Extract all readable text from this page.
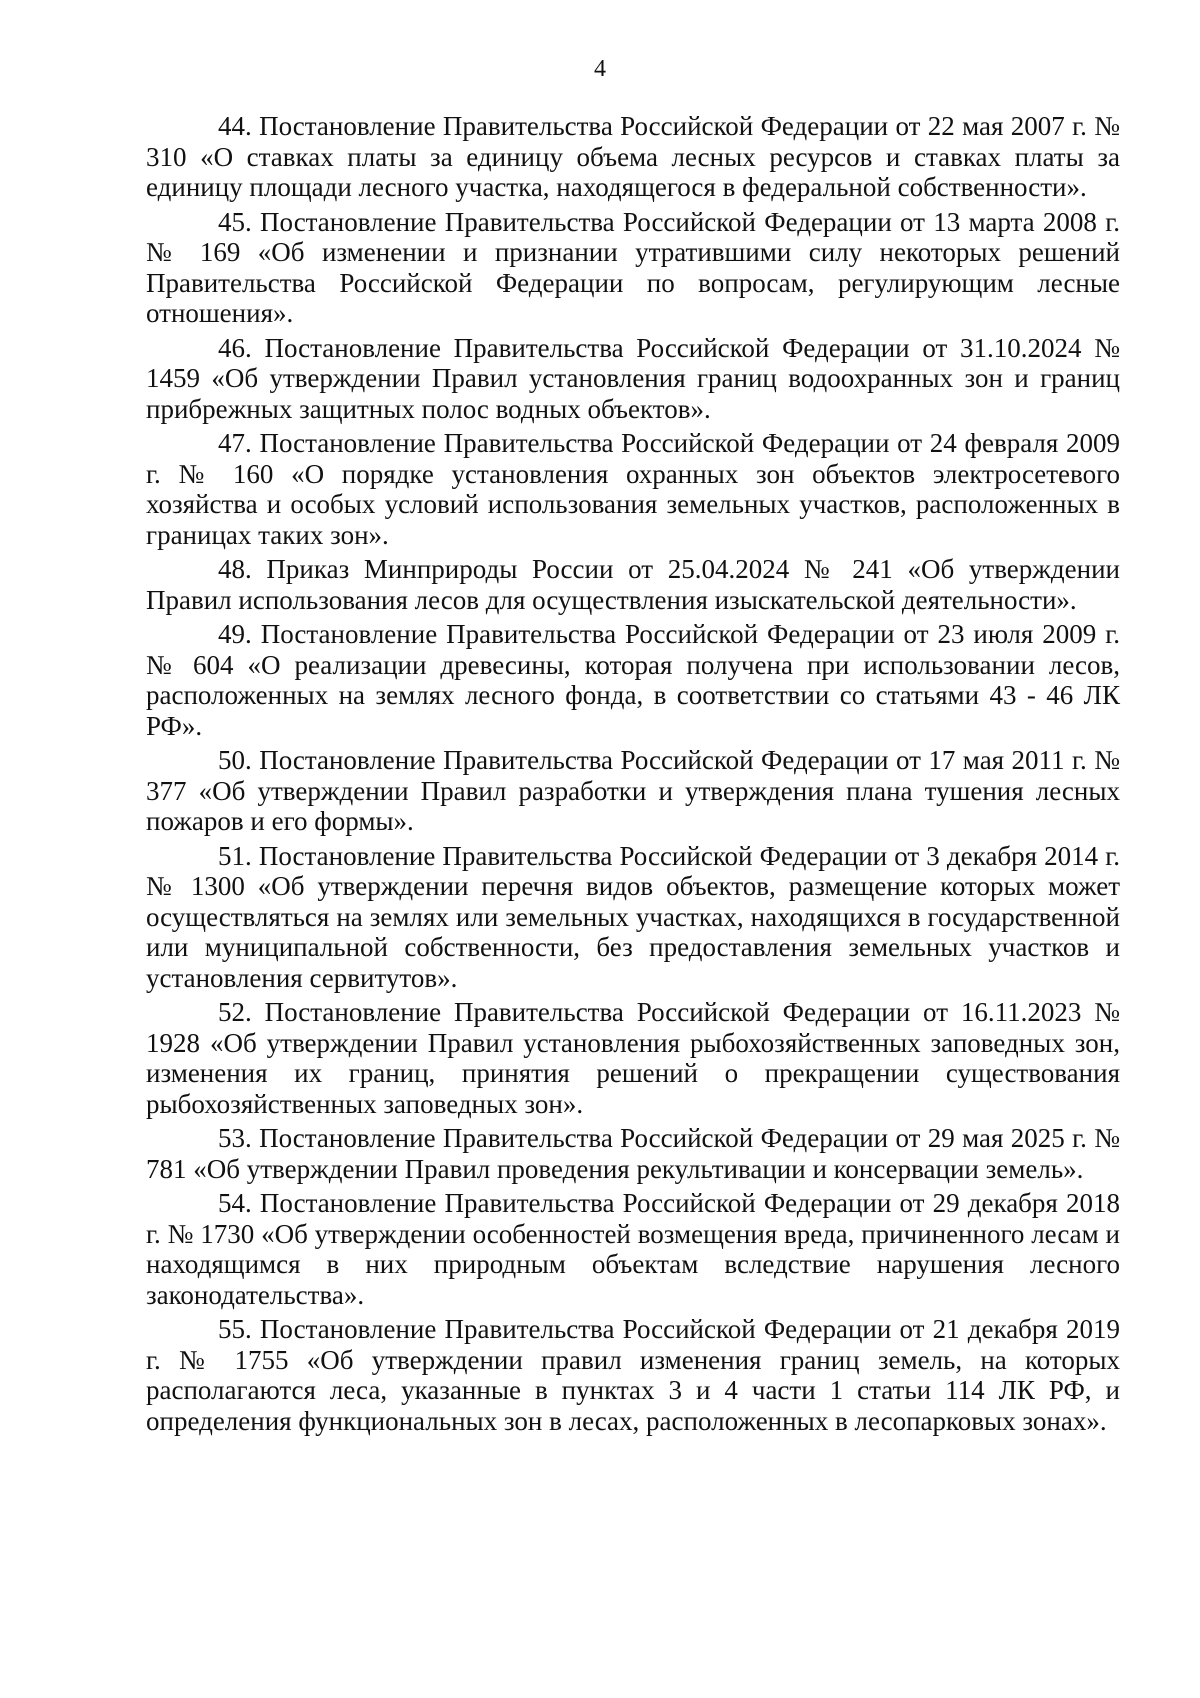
4

44. Постановление Правительства Российской Федерации от 22 мая 2007 г. № 310 «О ставках платы за единицу объема лесных ресурсов и ставках платы за единицу площади лесного участка, находящегося в федеральной собственности».

45. Постановление Правительства Российской Федерации от 13 марта 2008 г. № 169 «Об изменении и признании утратившими силу некоторых решений Правительства Российской Федерации по вопросам, регулирующим лесные отношения».

46. Постановление Правительства Российской Федерации от 31.10.2024 № 1459 «Об утверждении Правил установления границ водоохранных зон и границ прибрежных защитных полос водных объектов».

47. Постановление Правительства Российской Федерации от 24 февраля 2009 г. № 160 «О порядке установления охранных зон объектов электросетевого хозяйства и особых условий использования земельных участков, расположенных в границах таких зон».

48. Приказ Минприроды России от 25.04.2024 № 241 «Об утверждении Правил использования лесов для осуществления изыскательской деятельности».

49. Постановление Правительства Российской Федерации от 23 июля 2009 г. № 604 «О реализации древесины, которая получена при использовании лесов, расположенных на землях лесного фонда, в соответствии со статьями 43 - 46 ЛК РФ».

50. Постановление Правительства Российской Федерации от 17 мая 2011 г. № 377 «Об утверждении Правил разработки и утверждения плана тушения лесных пожаров и его формы».

51. Постановление Правительства Российской Федерации от 3 декабря 2014 г. № 1300 «Об утверждении перечня видов объектов, размещение которых может осуществляться на землях или земельных участках, находящихся в государственной или муниципальной собственности, без предоставления земельных участков и установления сервитутов».

52. Постановление Правительства Российской Федерации от 16.11.2023 № 1928 «Об утверждении Правил установления рыбохозяйственных заповедных зон, изменения их границ, принятия решений о прекращении существования рыбохозяйственных заповедных зон».

53. Постановление Правительства Российской Федерации от 29 мая 2025 г. № 781 «Об утверждении Правил проведения рекультивации и консервации земель».

54. Постановление Правительства Российской Федерации от 29 декабря 2018 г. № 1730 «Об утверждении особенностей возмещения вреда, причиненного лесам и находящимся в них природным объектам вследствие нарушения лесного законодательства».

55. Постановление Правительства Российской Федерации от 21 декабря 2019 г. № 1755 «Об утверждении правил изменения границ земель, на которых располагаются леса, указанные в пунктах 3 и 4 части 1 статьи 114 ЛК РФ, и определения функциональных зон в лесах, расположенных в лесопарковых зонах».
